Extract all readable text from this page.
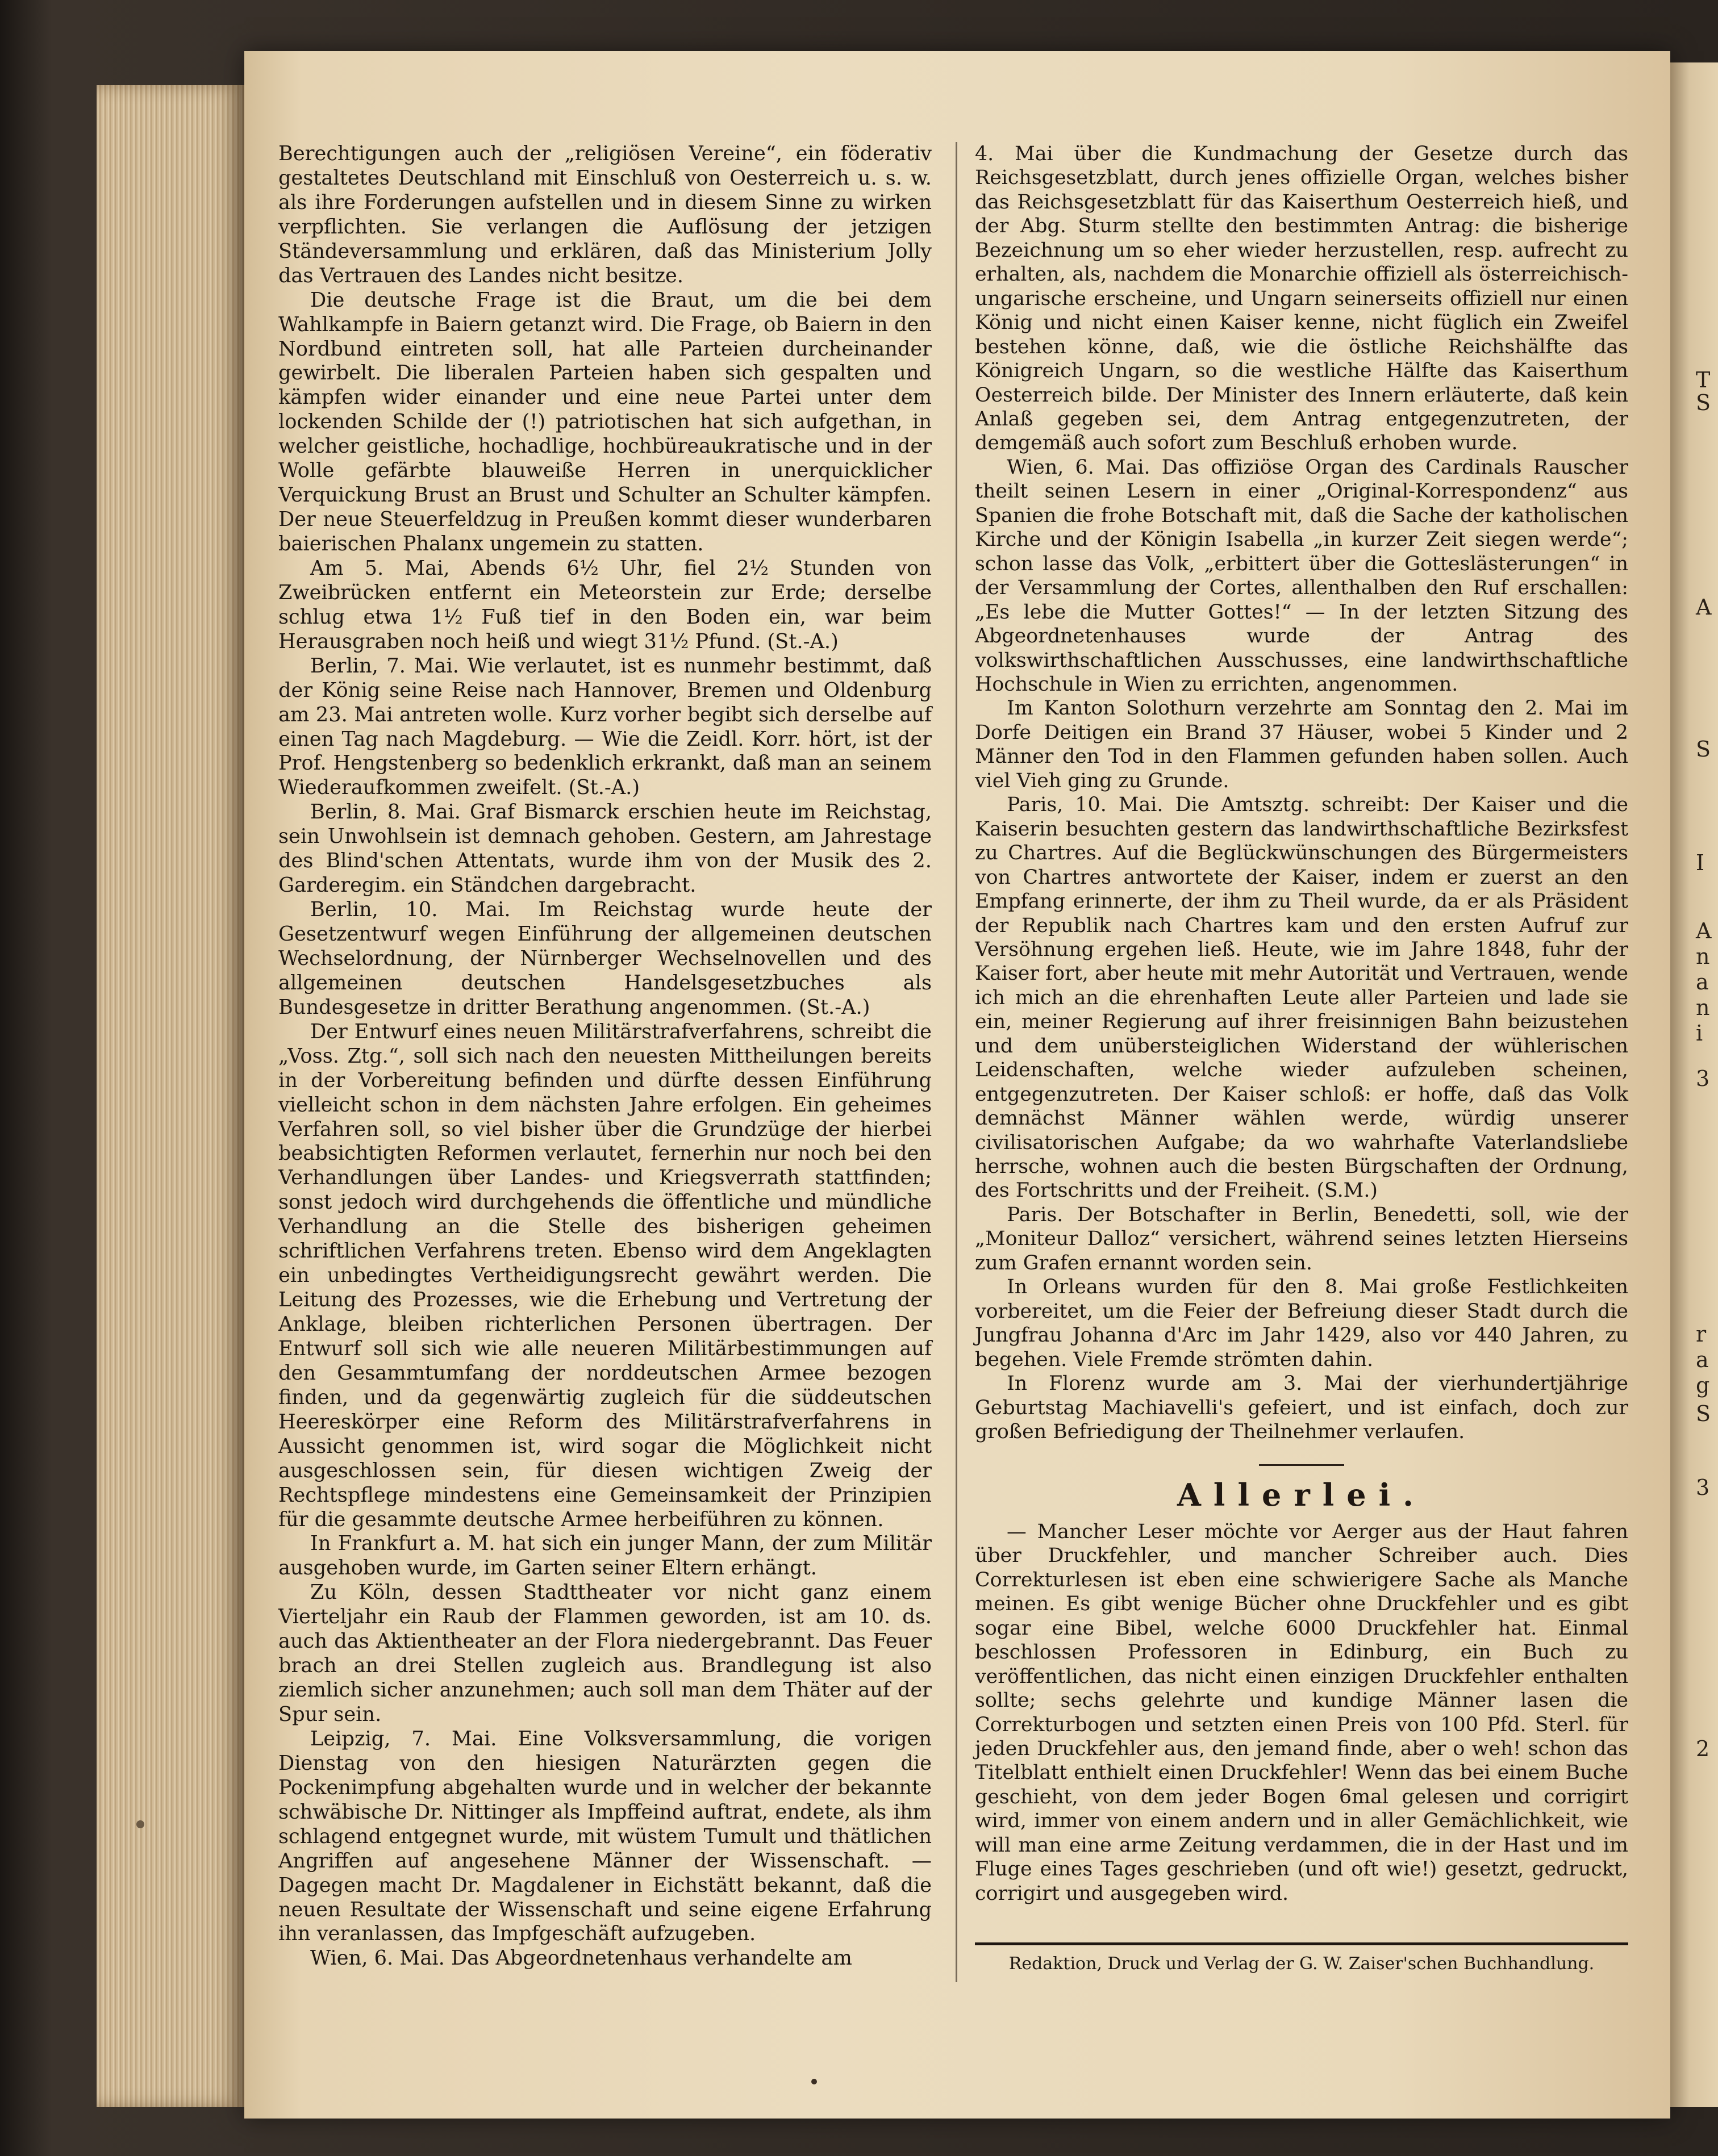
T
S
A
S
I
A
n
a
n
i
3
r
a
g
S
3
2

Berechtigungen auch der „religiösen Vereine“, ein föderativ gestaltetes Deutschland mit Einschluß von Oesterreich u. s. w. als ihre Forderungen aufstellen und in diesem Sinne zu wirken verpflichten. Sie verlangen die Auflösung der jetzigen Ständeversammlung und erklären, daß das Ministerium Jolly das Vertrauen des Landes nicht besitze.

Die deutsche Frage ist die Braut, um die bei dem Wahlkampfe in Baiern getanzt wird. Die Frage, ob Baiern in den Nordbund eintreten soll, hat alle Parteien durcheinander gewirbelt. Die liberalen Parteien haben sich gespalten und kämpfen wider einander und eine neue Partei unter dem lockenden Schilde der (!) patriotischen hat sich aufgethan, in welcher geistliche, hochadlige, hochbüreaukratische und in der Wolle gefärbte blauweiße Herren in unerquicklicher Verquickung Brust an Brust und Schulter an Schulter kämpfen. Der neue Steuerfeldzug in Preußen kommt dieser wunderbaren baierischen Phalanx ungemein zu statten.

Am 5. Mai, Abends 6½ Uhr, fiel 2½ Stunden von Zweibrücken entfernt ein Meteorstein zur Erde; derselbe schlug etwa 1½ Fuß tief in den Boden ein, war beim Herausgraben noch heiß und wiegt 31½ Pfund. (St.-A.)

Berlin, 7. Mai. Wie verlautet, ist es nunmehr bestimmt, daß der König seine Reise nach Hannover, Bremen und Oldenburg am 23. Mai antreten wolle. Kurz vorher begibt sich derselbe auf einen Tag nach Magdeburg. — Wie die Zeidl. Korr. hört, ist der Prof. Hengstenberg so bedenklich erkrankt, daß man an seinem Wiederaufkommen zweifelt. (St.-A.)

Berlin, 8. Mai. Graf Bismarck erschien heute im Reichstag, sein Unwohlsein ist demnach gehoben. Gestern, am Jahrestage des Blind'schen Attentats, wurde ihm von der Musik des 2. Garderegim. ein Ständchen dargebracht.

Berlin, 10. Mai. Im Reichstag wurde heute der Gesetzentwurf wegen Einführung der allgemeinen deutschen Wechselordnung, der Nürnberger Wechselnovellen und des allgemeinen deutschen Handelsgesetzbuches als Bundesgesetze in dritter Berathung angenommen. (St.-A.)

Der Entwurf eines neuen Militärstrafverfahrens, schreibt die „Voss. Ztg.“, soll sich nach den neuesten Mittheilungen bereits in der Vorbereitung befinden und dürfte dessen Einführung vielleicht schon in dem nächsten Jahre erfolgen. Ein geheimes Verfahren soll, so viel bisher über die Grundzüge der hierbei beabsichtigten Reformen verlautet, fernerhin nur noch bei den Verhandlungen über Landes- und Kriegsverrath stattfinden; sonst jedoch wird durchgehends die öffentliche und mündliche Verhandlung an die Stelle des bisherigen geheimen schriftlichen Verfahrens treten. Ebenso wird dem Angeklagten ein unbedingtes Vertheidigungsrecht gewährt werden. Die Leitung des Prozesses, wie die Erhebung und Vertretung der Anklage, bleiben richterlichen Personen übertragen. Der Entwurf soll sich wie alle neueren Militärbestimmungen auf den Gesammtumfang der norddeutschen Armee bezogen finden, und da gegenwärtig zugleich für die süddeutschen Heereskörper eine Reform des Militärstrafverfahrens in Aussicht genommen ist, wird sogar die Möglichkeit nicht ausgeschlossen sein, für diesen wichtigen Zweig der Rechtspflege mindestens eine Gemeinsamkeit der Prinzipien für die gesammte deutsche Armee herbeiführen zu können.

In Frankfurt a. M. hat sich ein junger Mann, der zum Militär ausgehoben wurde, im Garten seiner Eltern erhängt.

Zu Köln, dessen Stadttheater vor nicht ganz einem Vierteljahr ein Raub der Flammen geworden, ist am 10. ds. auch das Aktientheater an der Flora niedergebrannt. Das Feuer brach an drei Stellen zugleich aus. Brandlegung ist also ziemlich sicher anzunehmen; auch soll man dem Thäter auf der Spur sein.

Leipzig, 7. Mai. Eine Volksversammlung, die vorigen Dienstag von den hiesigen Naturärzten gegen die Pockenimpfung abgehalten wurde und in welcher der bekannte schwäbische Dr. Nittinger als Impffeind auftrat, endete, als ihm schlagend entgegnet wurde, mit wüstem Tumult und thätlichen Angriffen auf angesehene Männer der Wissenschaft. — Dagegen macht Dr. Magdalener in Eichstätt bekannt, daß die neuen Resultate der Wissenschaft und seine eigene Erfahrung ihn veranlassen, das Impfgeschäft aufzugeben.

Wien, 6. Mai. Das Abgeordnetenhaus verhandelte am

4. Mai über die Kundmachung der Gesetze durch das Reichsgesetzblatt, durch jenes offizielle Organ, welches bisher das Reichsgesetzblatt für das Kaiserthum Oesterreich hieß, und der Abg. Sturm stellte den bestimmten Antrag: die bisherige Bezeichnung um so eher wieder herzustellen, resp. aufrecht zu erhalten, als, nachdem die Monarchie offiziell als österreichisch-ungarische erscheine, und Ungarn seinerseits offiziell nur einen König und nicht einen Kaiser kenne, nicht füglich ein Zweifel bestehen könne, daß, wie die östliche Reichshälfte das Königreich Ungarn, so die westliche Hälfte das Kaiserthum Oesterreich bilde. Der Minister des Innern erläuterte, daß kein Anlaß gegeben sei, dem Antrag entgegenzutreten, der demgemäß auch sofort zum Beschluß erhoben wurde.

Wien, 6. Mai. Das offiziöse Organ des Cardinals Rauscher theilt seinen Lesern in einer „Original-Korrespondenz“ aus Spanien die frohe Botschaft mit, daß die Sache der katholischen Kirche und der Königin Isabella „in kurzer Zeit siegen werde“; schon lasse das Volk, „erbittert über die Gotteslästerungen“ in der Versammlung der Cortes, allenthalben den Ruf erschallen: „Es lebe die Mutter Gottes!“ — In der letzten Sitzung des Abgeordnetenhauses wurde der Antrag des volkswirthschaftlichen Ausschusses, eine landwirthschaftliche Hochschule in Wien zu errichten, angenommen.

Im Kanton Solothurn verzehrte am Sonntag den 2. Mai im Dorfe Deitigen ein Brand 37 Häuser, wobei 5 Kinder und 2 Männer den Tod in den Flammen gefunden haben sollen. Auch viel Vieh ging zu Grunde.

Paris, 10. Mai. Die Amtsztg. schreibt: Der Kaiser und die Kaiserin besuchten gestern das landwirthschaftliche Bezirksfest zu Chartres. Auf die Beglückwünschungen des Bürgermeisters von Chartres antwortete der Kaiser, indem er zuerst an den Empfang erinnerte, der ihm zu Theil wurde, da er als Präsident der Republik nach Chartres kam und den ersten Aufruf zur Versöhnung ergehen ließ. Heute, wie im Jahre 1848, fuhr der Kaiser fort, aber heute mit mehr Autorität und Vertrauen, wende ich mich an die ehrenhaften Leute aller Parteien und lade sie ein, meiner Regierung auf ihrer freisinnigen Bahn beizustehen und dem unübersteiglichen Widerstand der wühlerischen Leidenschaften, welche wieder aufzuleben scheinen, entgegenzutreten. Der Kaiser schloß: er hoffe, daß das Volk demnächst Männer wählen werde, würdig unserer civilisatorischen Aufgabe; da wo wahrhafte Vaterlandsliebe herrsche, wohnen auch die besten Bürgschaften der Ordnung, des Fortschritts und der Freiheit. (S.M.)

Paris. Der Botschafter in Berlin, Benedetti, soll, wie der „Moniteur Dalloz“ versichert, während seines letzten Hierseins zum Grafen ernannt worden sein.

In Orleans wurden für den 8. Mai große Festlichkeiten vorbereitet, um die Feier der Befreiung dieser Stadt durch die Jungfrau Johanna d'Arc im Jahr 1429, also vor 440 Jahren, zu begehen. Viele Fremde strömten dahin.

In Florenz wurde am 3. Mai der vierhundertjährige Geburtstag Machiavelli's gefeiert, und ist einfach, doch zur großen Befriedigung der Theilnehmer verlaufen.

Allerlei.

— Mancher Leser möchte vor Aerger aus der Haut fahren über Druckfehler, und mancher Schreiber auch. Dies Correkturlesen ist eben eine schwierigere Sache als Manche meinen. Es gibt wenige Bücher ohne Druckfehler und es gibt sogar eine Bibel, welche 6000 Druckfehler hat. Einmal beschlossen Professoren in Edinburg, ein Buch zu veröffentlichen, das nicht einen einzigen Druckfehler enthalten sollte; sechs gelehrte und kundige Männer lasen die Correkturbogen und setzten einen Preis von 100 Pfd. Sterl. für jeden Druckfehler aus, den jemand finde, aber o weh! schon das Titelblatt enthielt einen Druckfehler! Wenn das bei einem Buche geschieht, von dem jeder Bogen 6mal gelesen und corrigirt wird, immer von einem andern und in aller Gemächlichkeit, wie will man eine arme Zeitung verdammen, die in der Hast und im Fluge eines Tages geschrieben (und oft wie!) gesetzt, gedruckt, corrigirt und ausgegeben wird.

Redaktion, Druck und Verlag der G. W. Zaiser'schen Buchhandlung.
